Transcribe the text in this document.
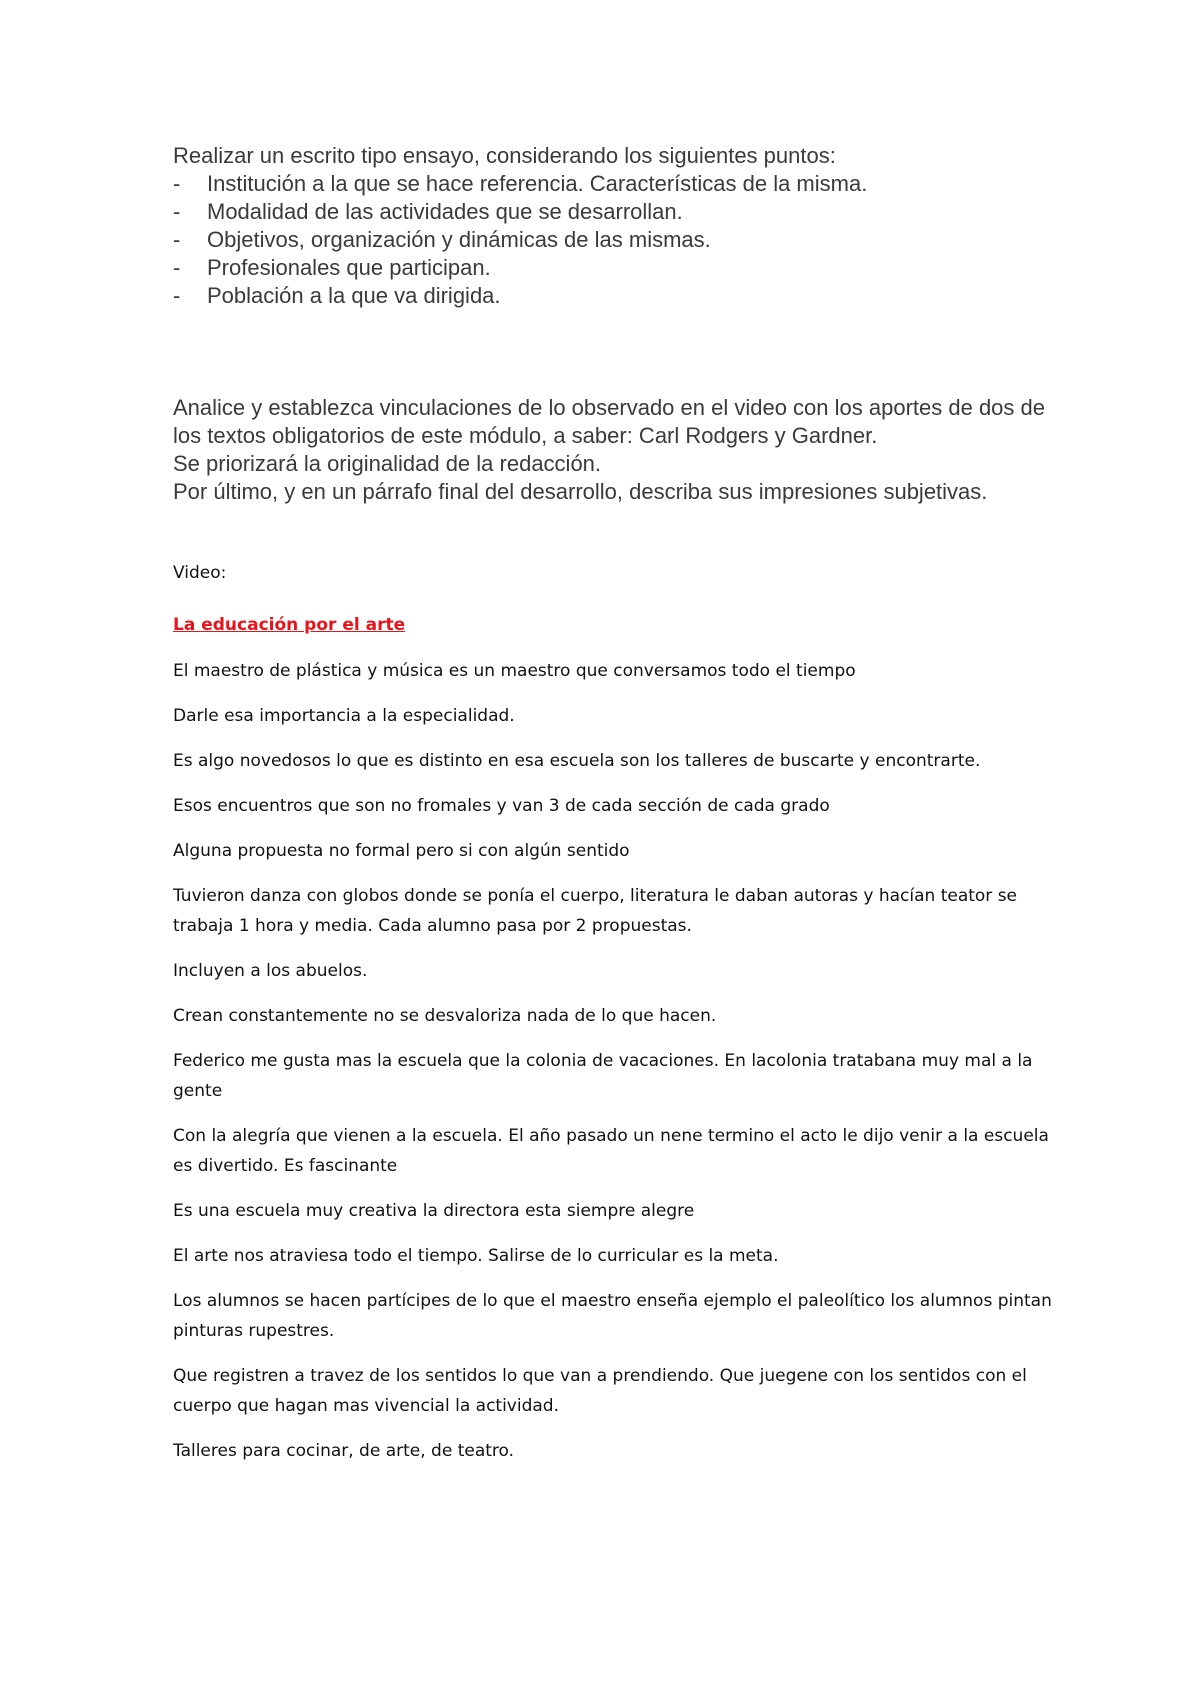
Realizar un escrito tipo ensayo, considerando los siguientes puntos:

- Institución a la que se hace referencia. Características de la misma.
- Modalidad de las actividades que se desarrollan.
- Objetivos, organización y dinámicas de las mismas.
- Profesionales que participan.
- Población a la que va dirigida.

Analice y establezca vinculaciones de lo observado en el video con los aportes de dos de los textos obligatorios de este módulo, a saber: Carl Rodgers y Gardner.

Se priorizará la originalidad de la redacción.

Por último, y en un párrafo final del desarrollo, describa sus impresiones subjetivas.

Video:

La educación por el arte

El maestro de plástica y música es un maestro que conversamos todo el tiempo

Darle esa importancia a la especialidad.

Es algo novedosos lo que es distinto en esa escuela son los talleres de buscarte y encontrarte.

Esos encuentros que son no fromales y van 3 de cada sección de cada grado

Alguna propuesta no formal pero si con algún sentido

Tuvieron danza con globos donde se ponía el cuerpo, literatura le daban autoras y hacían teator se trabaja 1 hora y media. Cada alumno pasa por 2 propuestas.

Incluyen a los abuelos.

Crean constantemente no se desvaloriza nada de lo que hacen.

Federico me gusta mas la escuela que la colonia de vacaciones. En lacolonia tratabana muy mal a la gente

Con la alegría que vienen a la escuela. El año pasado un nene termino el acto le dijo venir a la escuela es divertido. Es fascinante

Es una escuela muy creativa la directora esta siempre alegre

El arte nos atraviesa todo el tiempo. Salirse de lo curricular es la meta.

Los alumnos se hacen partícipes de lo que el maestro enseña ejemplo el paleolítico los alumnos pintan pinturas rupestres.

Que registren a travez de los sentidos lo que van a prendiendo. Que juegene con los sentidos con el cuerpo que hagan mas vivencial la actividad.

Talleres para cocinar, de arte, de teatro.
